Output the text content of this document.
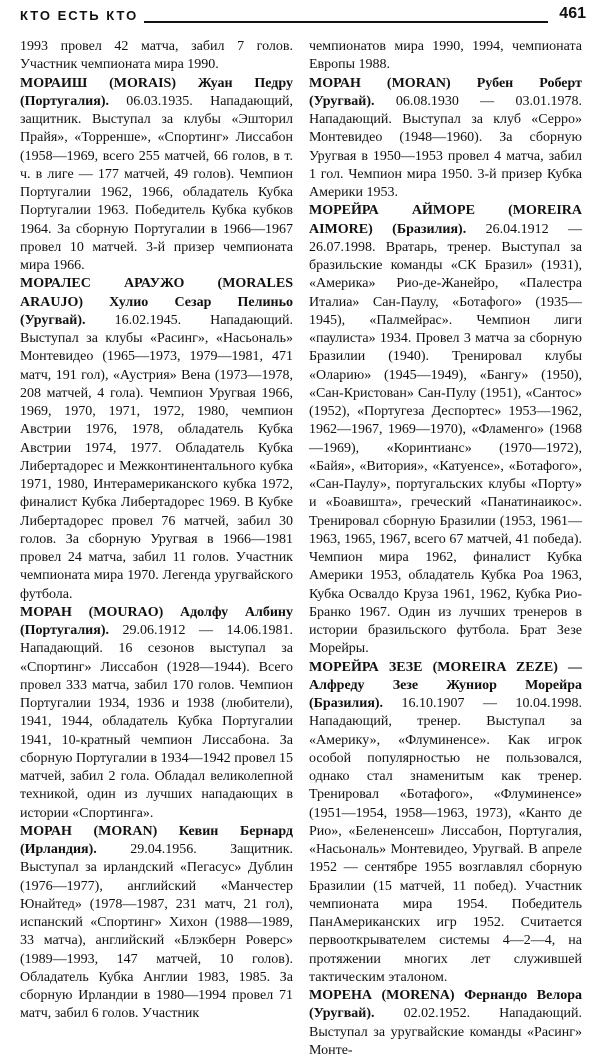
КТО ЕСТЬ КТО	461

1993 провел 42 матча, забил 7 голов. Участник чемпионата мира 1990.

МОРАИШ (MORAIS) Жуан Педру (Португалия). 06.03.1935. Нападающий, защитник. Выступал за клубы «Эшторил Прайя», «Торренше», «Спортинг» Лиссабон (1958—1969, всего 255 матчей, 66 голов, в т. ч. в лиге — 177 матчей, 49 голов). Чемпион Португалии 1962, 1966, обладатель Кубка Португалии 1963. Победитель Кубка кубков 1964. За сборную Португалии в 1966—1967 провел 10 матчей. 3-й призер чемпионата мира 1966.

МОРАЛЕС АРАУЖО (MORALES ARAUJO) Хулио Сезар Пелиньо (Уругвай). 16.02.1945. Нападающий. Выступал за клубы «Расинг», «Насьональ» Монтевидео (1965—1973, 1979—1981, 471 матч, 191 гол), «Аустрия» Вена (1973—1978, 208 матчей, 4 гола). Чемпион Уругвая 1966, 1969, 1970, 1971, 1972, 1980, чемпион Австрии 1976, 1978, обладатель Кубка Австрии 1974, 1977. Обладатель Кубка Либертадорес и Межконтинентального кубка 1971, 1980, Интерамериканского кубка 1972, финалист Кубка Либертадорес 1969. В Кубке Либертадорес провел 76 матчей, забил 30 голов. За сборную Уругвая в 1966—1981 провел 24 матча, забил 11 голов. Участник чемпионата мира 1970. Легенда уругвайского футбола.

МОРАН (MOURAO) Адолфу Албину (Португалия). 29.06.1912 — 14.06.1981. Нападающий. 16 сезонов выступал за «Спортинг» Лиссабон (1928—1944). Всего провел 333 матча, забил 170 голов. Чемпион Португалии 1934, 1936 и 1938 (любители), 1941, 1944, обладатель Кубка Португалии 1941, 10-кратный чемпион Лиссабона. За сборную Португалии в 1934—1942 провел 15 матчей, забил 2 гола. Обладал великолепной техникой, один из лучших нападающих в истории «Спортинга».

МОРАН (MORAN) Кевин Бернард (Ирландия). 29.04.1956. Защитник. Выступал за ирландский «Пегасус» Дублин (1976—1977), английский «Манчестер Юнайтед» (1978—1987, 231 матч, 21 гол), испанский «Спортинг» Хихон (1988—1989, 33 матча), английский «Блэкберн Роверс» (1989—1993, 147 матчей, 10 голов). Обладатель Кубка Англии 1983, 1985. За сборную Ирландии в 1980—1994 провел 71 матч, забил 6 голов. Участник

чемпионатов мира 1990, 1994, чемпионата Европы 1988.

МОРАН (MORAN) Рубен Роберт (Уругвай). 06.08.1930 — 03.01.1978. Нападающий. Выступал за клуб «Серро» Монтевидео (1948—1960). За сборную Уругвая в 1950—1953 провел 4 матча, забил 1 гол. Чемпион мира 1950. 3-й призер Кубка Америки 1953.

МОРЕЙРА АЙМОРЕ (MOREIRA AIMORE) (Бразилия). 26.04.1912 — 26.07.1998. Вратарь, тренер. Выступал за бразильские команды «СК Бразил» (1931), «Америка» Рио-де-Жанейро, «Палестра Италиа» Сан-Паулу, «Ботафого» (1935—1945), «Палмейрас». Чемпион лиги «паулиста» 1934. Провел 3 матча за сборную Бразилии (1940). Тренировал клубы «Оларию» (1945—1949), «Бангу» (1950), «Сан-Кристован» Сан-Пулу (1951), «Сантос» (1952), «Португеза Деспортес» 1953—1962, 1962—1967, 1969—1970), «Фламенго» (1968—1969), «Коринтианс» (1970—1972), «Байя», «Витория», «Катуенсе», «Ботафого», «Сан-Паулу», португальских клубы «Порту» и «Боавишта», греческий «Панатинаикос». Тренировал сборную Бразилии (1953, 1961—1963, 1965, 1967, всего 67 матчей, 41 победа). Чемпион мира 1962, финалист Кубка Америки 1953, обладатель Кубка Роа 1963, Кубка Освалдо Круза 1961, 1962, Кубка Рио-Бранко 1967. Один из лучших тренеров в истории бразильского футбола. Брат Зезе Морейры.

МОРЕЙРА ЗЕЗЕ (MOREIRA ZEZE) — Алфреду Зезе Жуниор Морейра (Бразилия). 16.10.1907 — 10.04.1998. Нападающий, тренер. Выступал за «Америку», «Флуминенсе». Как игрок особой популярностью не пользовался, однако стал знаменитым как тренер. Тренировал «Ботафого», «Флуминенсе» (1951—1954, 1958—1963, 1973), «Канто де Рио», «Белененсеш» Лиссабон, Португалия, «Насьональ» Монтевидео, Уругвай. В апреле 1952 — сентябре 1955 возглавлял сборную Бразилии (15 матчей, 11 побед). Участник чемпионата мира 1954. Победитель ПанАмериканских игр 1952. Считается первооткрывателем системы 4—2—4, на протяжении многих лет служившей тактическим эталоном.

МОРЕНА (MORENA) Фернандо Велора (Уругвай). 02.02.1952. Нападающий. Выступал за уругвайские команды «Расинг» Монте-
